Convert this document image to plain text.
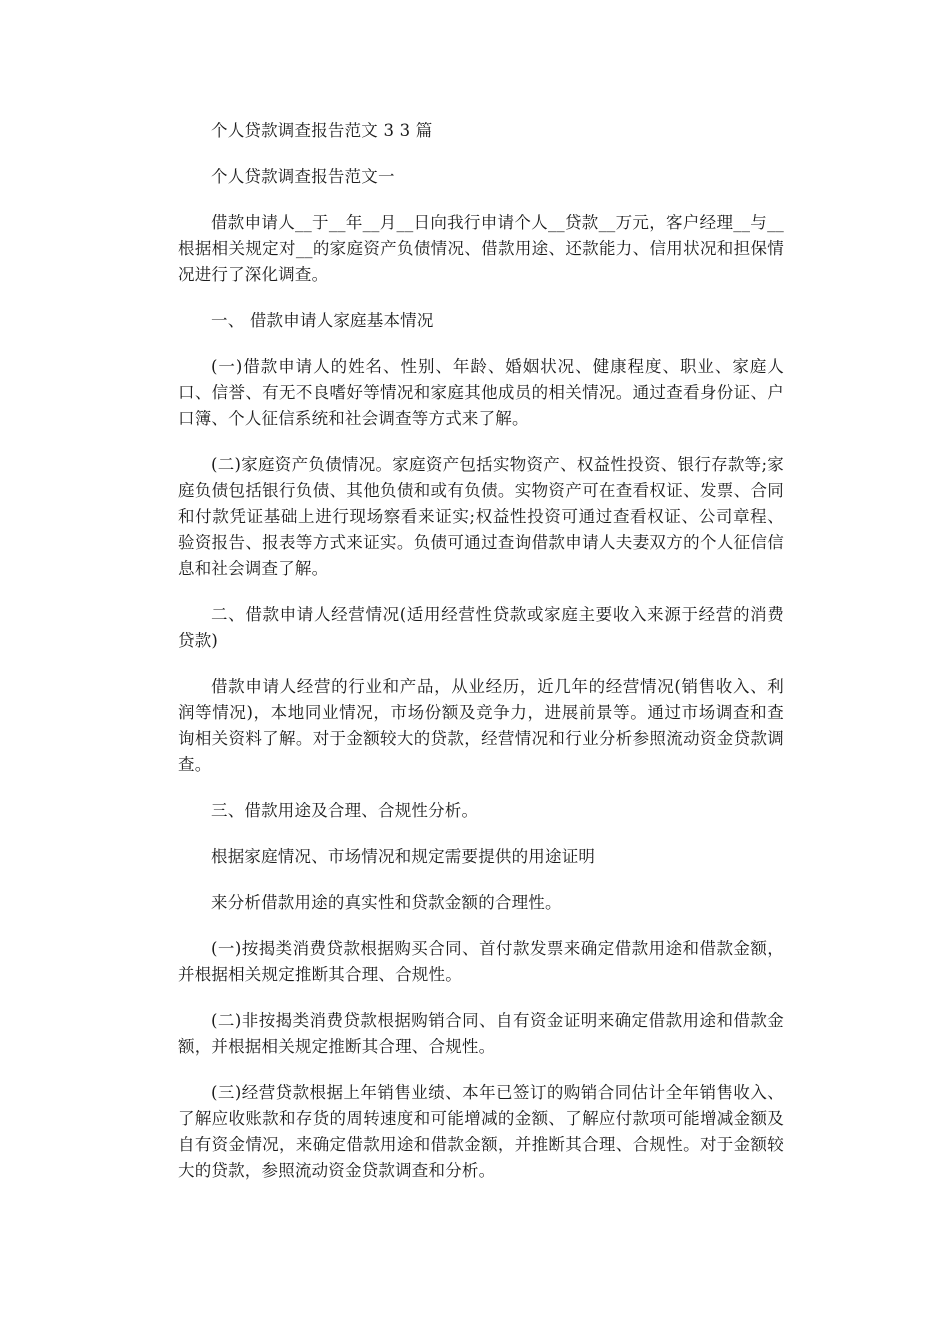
个人贷款调查报告范文 3 3 篇

个人贷款调查报告范文一

借款申请人__于__年__月__日向我行申请个人__贷款__万元，客户经理__与__根据相关规定对__的家庭资产负债情况、借款用途、还款能力、信用状况和担保情况进行了深化调查。

一、 借款申请人家庭基本情况

(一)借款申请人的姓名、性别、年龄、婚姻状况、健康程度、职业、家庭人口、信誉、有无不良嗜好等情况和家庭其他成员的相关情况。通过查看身份证、户口簿、个人征信系统和社会调查等方式来了解。

(二)家庭资产负债情况。家庭资产包括实物资产、权益性投资、银行存款等;家庭负债包括银行负债、其他负债和或有负债。实物资产可在查看权证、发票、合同和付款凭证基础上进行现场察看来证实;权益性投资可通过查看权证、公司章程、验资报告、报表等方式来证实。负债可通过查询借款申请人夫妻双方的个人征信信息和社会调查了解。

二、借款申请人经营情况(适用经营性贷款或家庭主要收入来源于经营的消费贷款)

借款申请人经营的行业和产品，从业经历，近几年的经营情况(销售收入、利润等情况)，本地同业情况，市场份额及竞争力，进展前景等。通过市场调查和查询相关资料了解。对于金额较大的贷款，经营情况和行业分析参照流动资金贷款调查。

三、借款用途及合理、合规性分析。

根据家庭情况、市场情况和规定需要提供的用途证明

来分析借款用途的真实性和贷款金额的合理性。

(一)按揭类消费贷款根据购买合同、首付款发票来确定借款用途和借款金额，并根据相关规定推断其合理、合规性。

(二)非按揭类消费贷款根据购销合同、自有资金证明来确定借款用途和借款金额，并根据相关规定推断其合理、合规性。

(三)经营贷款根据上年销售业绩、本年已签订的购销合同估计全年销售收入、了解应收账款和存货的周转速度和可能增减的金额、了解应付款项可能增减金额及自有资金情况，来确定借款用途和借款金额，并推断其合理、合规性。对于金额较大的贷款，参照流动资金贷款调查和分析。
